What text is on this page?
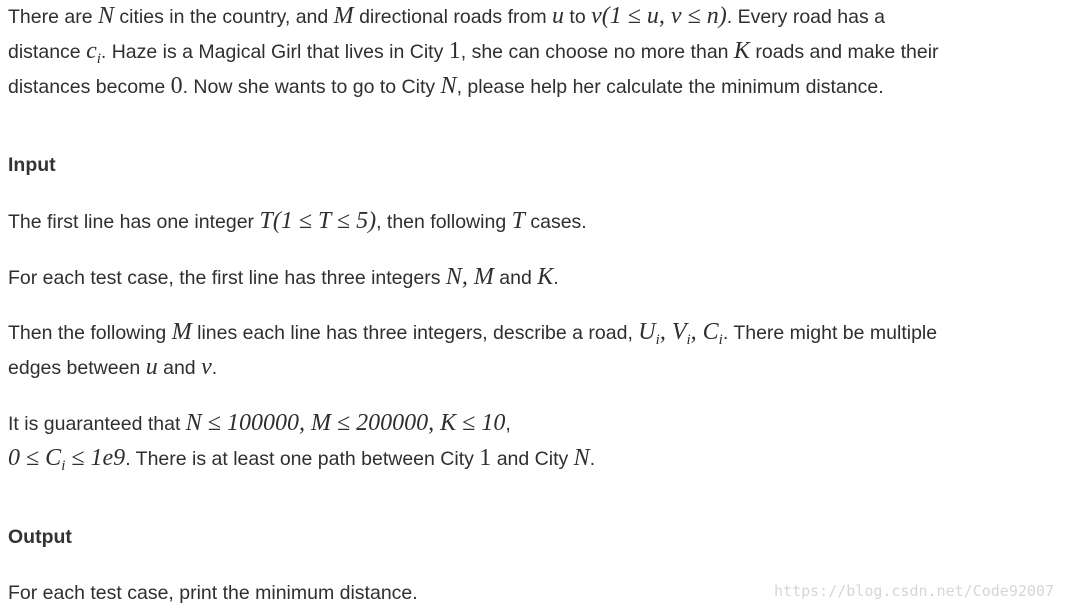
There are N cities in the country, and M directional roads from u to v(1 ≤ u, v ≤ n). Every road has a
distance $c_i$. Haze is a Magical Girl that lives in City 1, she can choose no more than K roads and make their
distances become 0. Now she wants to go to City N, please help her calculate the minimum distance.
Input
The first line has one integer T(1 ≤ T ≤ 5), then following T cases.
For each test case, the first line has three integers N, M and K.
Then the following M lines each line has three integers, describe a road, $U_i$, $V_i$, $C_i$. There might be multiple
edges between u and v.
It is guaranteed that N ≤ 100000, M ≤ 200000, K ≤ 10,
$0 \le C_i \le 1e9$. There is at least one path between City 1 and City N.
Output
For each test case, print the minimum distance.	https://blog.csdn.net/Code92007
